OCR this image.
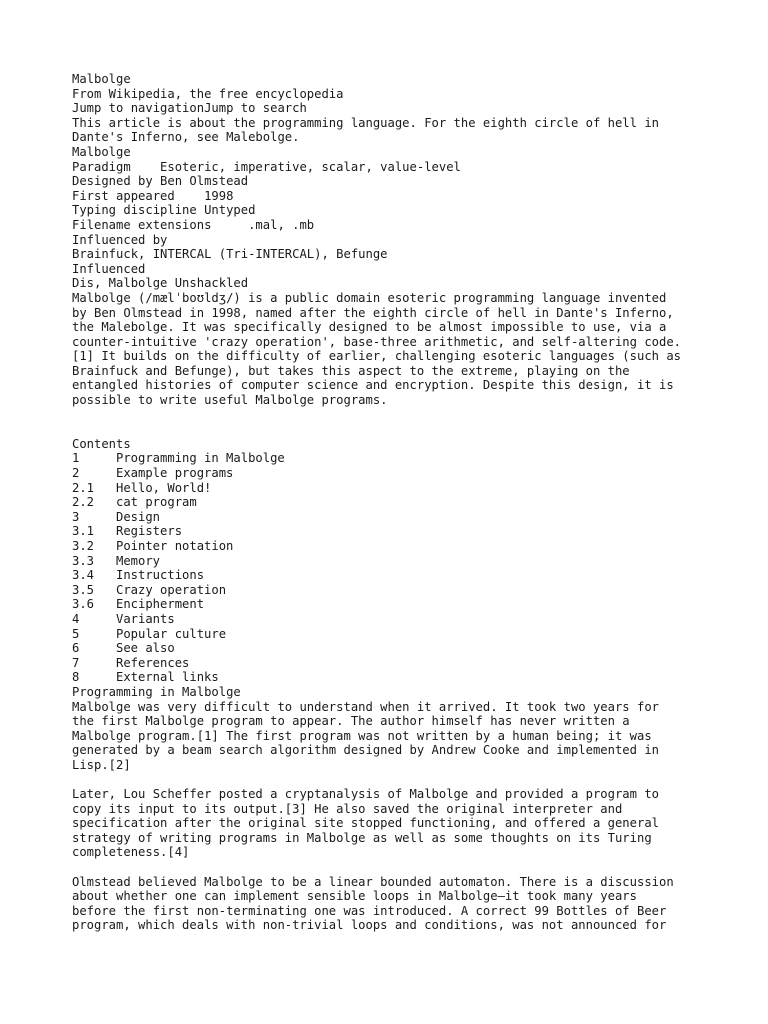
Malbolge
From Wikipedia, the free encyclopedia
Jump to navigationJump to search
This article is about the programming language. For the eighth circle of hell in
Dante's Inferno, see Malebolge.
Malbolge
Paradigm    Esoteric, imperative, scalar, value-level
Designed by Ben Olmstead
First appeared    1998
Typing discipline Untyped
Filename extensions     .mal, .mb
Influenced by
Brainfuck, INTERCAL (Tri-INTERCAL), Befunge
Influenced
Dis, Malbolge Unshackled
Malbolge (/mælˈboʊldʒ/) is a public domain esoteric programming language invented
by Ben Olmstead in 1998, named after the eighth circle of hell in Dante's Inferno,
the Malebolge. It was specifically designed to be almost impossible to use, via a
counter-intuitive 'crazy operation', base-three arithmetic, and self-altering code.
[1] It builds on the difficulty of earlier, challenging esoteric languages (such as
Brainfuck and Befunge), but takes this aspect to the extreme, playing on the
entangled histories of computer science and encryption. Despite this design, it is
possible to write useful Malbolge programs.
Contents
1	Programming in Malbolge
2	Example programs
2.1	Hello, World!
2.2	cat program
3	Design
3.1	Registers
3.2	Pointer notation
3.3	Memory
3.4	Instructions
3.5	Crazy operation
3.6	Encipherment
4	Variants
5	Popular culture
6	See also
7	References
8	External links
Programming in Malbolge
Malbolge was very difficult to understand when it arrived. It took two years for
the first Malbolge program to appear. The author himself has never written a
Malbolge program.[1] The first program was not written by a human being; it was
generated by a beam search algorithm designed by Andrew Cooke and implemented in
Lisp.[2]
Later, Lou Scheffer posted a cryptanalysis of Malbolge and provided a program to
copy its input to its output.[3] He also saved the original interpreter and
specification after the original site stopped functioning, and offered a general
strategy of writing programs in Malbolge as well as some thoughts on its Turing
completeness.[4]
Olmstead believed Malbolge to be a linear bounded automaton. There is a discussion
about whether one can implement sensible loops in Malbolge—it took many years
before the first non-terminating one was introduced. A correct 99 Bottles of Beer
program, which deals with non-trivial loops and conditions, was not announced for
